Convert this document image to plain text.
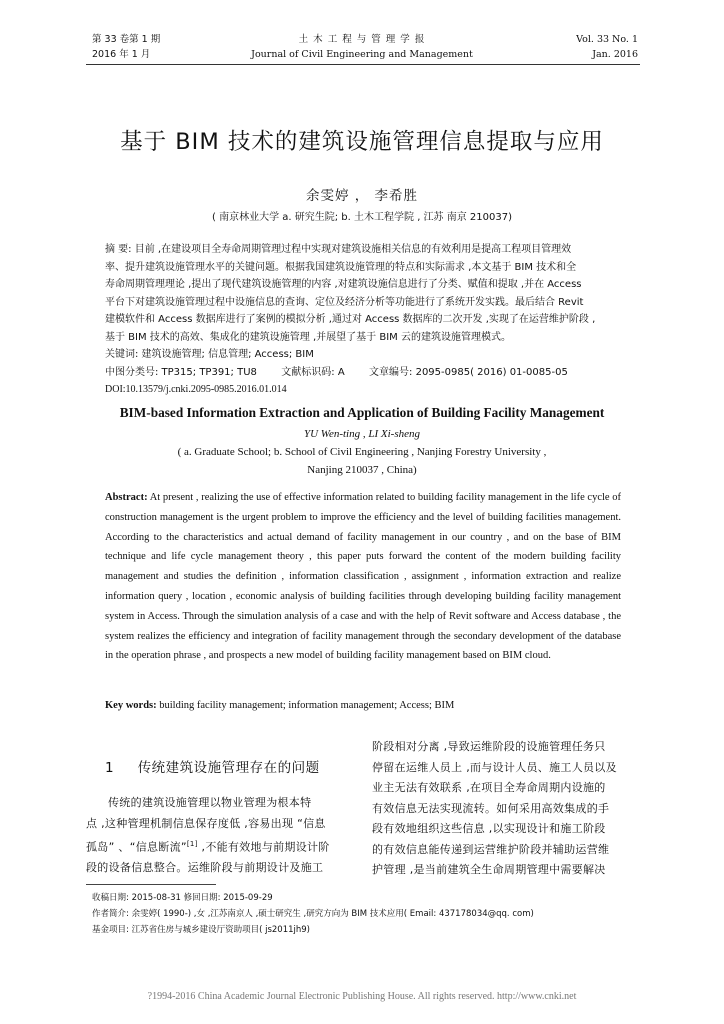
第 33 卷第 1 期
2016 年 1 月
土 木 工 程 与 管 理 学 报
Journal of Civil Engineering and Management
Vol. 33 No. 1
Jan. 2016
基于 BIM 技术的建筑设施管理信息提取与应用
余雯婷 ， 李希胜
( 南京林业大学 a. 研究生院; b. 土木工程学院 , 江苏 南京 210037)
摘 要: 目前 ,在建设项目全寿命周期管理过程中实现对建筑设施相关信息的有效利用是提高工程项目管理效
率、提升建筑设施管理水平的关键问题。根据我国建筑设施管理的特点和实际需求 ,本文基于 BIM 技术和全
寿命周期管理理论 ,提出了现代建筑设施管理的内容 ,对建筑设施信息进行了分类、赋值和提取 ,并在 Access
平台下对建筑设施管理过程中设施信息的查询、定位及经济分析等功能进行了系统开发实践。最后结合 Revit
建模软件和 Access 数据库进行了案例的模拟分析 ,通过对 Access 数据库的二次开发 ,实现了在运营维护阶段 ,
基于 BIM 技术的高效、集成化的建筑设施管理 ,并展望了基于 BIM 云的建筑设施管理模式。
关键词: 建筑设施管理; 信息管理; Access; BIM
中图分类号: TP315; TP391; TU8 文献标识码: A 文章编号: 2095-0985( 2016) 01-0085-05
DOI:10.13579/j.cnki.2095-0985.2016.01.014
BIM-based Information Extraction and Application of Building Facility Management
YU Wen-ting , LI Xi-sheng
( a. Graduate School; b. School of Civil Engineering , Nanjing Forestry University ,
Nanjing 210037 , China)
Abstract: At present , realizing the use of effective information related to building facility management in the life cycle of construction management is the urgent problem to improve the efficiency and the level of building facilities management. According to the characteristics and actual demand of facility management in our country , and on the base of BIM technique and life cycle management theory , this paper puts forward the content of the modern building facility management and studies the definition , information classification , assignment , information extraction and realize information query , location , economic analysis of building facilities through developing building facility management system in Access. Through the simulation analysis of a case and with the help of Revit software and Access database , the system realizes the efficiency and integration of facility management through the secondary development of the database in the operation phrase , and prospects a new model of building facility management based on BIM cloud.
Key words: building facility management; information management; Access; BIM
1 传统建筑设施管理存在的问题
传统的建筑设施管理以物业管理为根本特
点 ,这种管理机制信息保存度低 ,容易出现 “信息
孤岛” 、“信息断流”[1] ,不能有效地与前期设计阶
段的设备信息整合。运维阶段与前期设计及施工
阶段相对分离 ,导致运维阶段的设施管理任务只
停留在运维人员上 ,而与设计人员、施工人员以及
业主无法有效联系 ,在项目全寿命周期内设施的
有效信息无法实现流转。如何采用高效集成的手
段有效地组织这些信息 ,以实现设计和施工阶段
的有效信息能传递到运营维护阶段并辅助运营维
护管理 ,是当前建筑全生命周期管理中需要解决
收稿日期: 2015-08-31 修回日期: 2015-09-29
作者简介: 余雯婷( 1990-) ,女 ,江苏南京人 ,硕士研究生 ,研究方向为 BIM 技术应用( Email: 437178034@qq. com)
基金项目: 江苏省住房与城乡建设厅资助项目( js2011jh9)
?1994-2016 China Academic Journal Electronic Publishing House. All rights reserved. http://www.cnki.net
